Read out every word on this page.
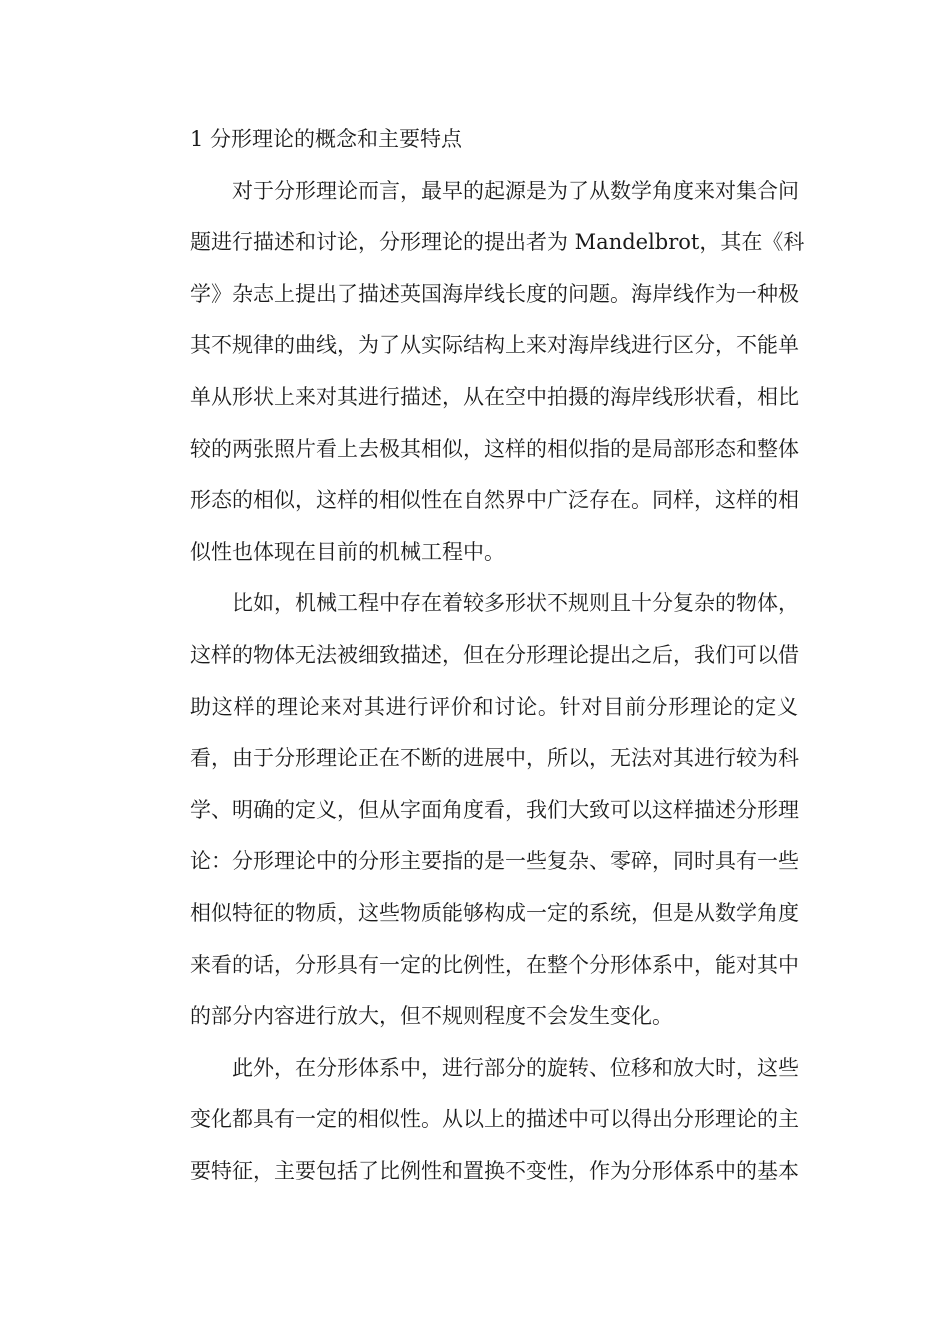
1 分形理论的概念和主要特点
对于分形理论而言，最早的起源是为了从数学角度来对集合问
题进行描述和讨论，分形理论的提出者为 Mandelbrot，其在《科
学》杂志上提出了描述英国海岸线长度的问题。海岸线作为一种极
其不规律的曲线，为了从实际结构上来对海岸线进行区分，不能单
单从形状上来对其进行描述，从在空中拍摄的海岸线形状看，相比
较的两张照片看上去极其相似，这样的相似指的是局部形态和整体
形态的相似，这样的相似性在自然界中广泛存在。同样，这样的相
似性也体现在目前的机械工程中。
比如，机械工程中存在着较多形状不规则且十分复杂的物体，
这样的物体无法被细致描述，但在分形理论提出之后，我们可以借
助这样的理论来对其进行评价和讨论。针对目前分形理论的定义
看，由于分形理论正在不断的进展中，所以，无法对其进行较为科
学、明确的定义，但从字面角度看，我们大致可以这样描述分形理
论：分形理论中的分形主要指的是一些复杂、零碎，同时具有一些
相似特征的物质，这些物质能够构成一定的系统，但是从数学角度
来看的话，分形具有一定的比例性，在整个分形体系中，能对其中
的部分内容进行放大，但不规则程度不会发生变化。
此外，在分形体系中，进行部分的旋转、位移和放大时，这些
变化都具有一定的相似性。从以上的描述中可以得出分形理论的主
要特征，主要包括了比例性和置换不变性，作为分形体系中的基本
